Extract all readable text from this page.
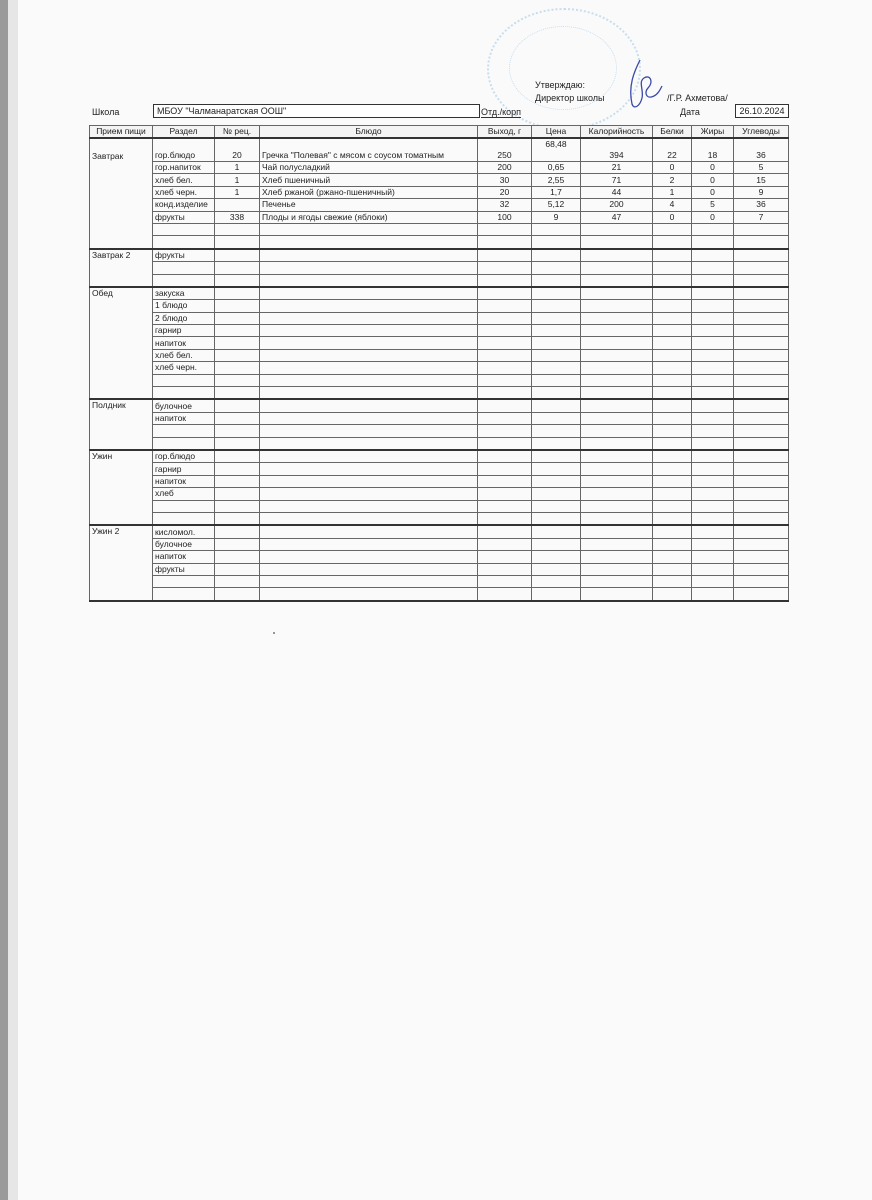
Утверждаю:
Директор школы	/Г.Р. Ахметова/
Школа	МБОУ "Чалманаратская ООШ"	Отд./корп	Дата	26.10.2024
Прием пищи	Раздел	№ рец.	Блюдо	Выход, г	Цена	Калорийность	Белки	Жиры	Углеводы
Завтрак	гор.блюдо	20	Гречка "Полевая" с мясом с соусом томатным	250	68,48	394	22	18	36
	гор.напиток	1	Чай полусладкий	200	0,65	21	0	0	5
	хлеб бел.	1	Хлеб пшеничный	30	2,55	71	2	0	15
	хлеб черн.	1	Хлеб ржаной (ржано-пшеничный)	20	1,7	44	1	0	9
	конд.изделие		Печенье	32	5,12	200	4	5	36
	фрукты	338	Плоды и ягоды свежие (яблоки)	100	9	47	0	0	7

Завтрак 2	фрукты								

Обед	закуска								
	1 блюдо								
	2 блюдо								
	гарнир								
	напиток								
	хлеб бел.								
	хлеб черн.								

Полдник	булочное								
	напиток								

Ужин	гор.блюдо								
	гарнир								
	напиток								
	хлеб								

Ужин 2	кисломол.								
	булочное								
	напиток								
	фрукты								
